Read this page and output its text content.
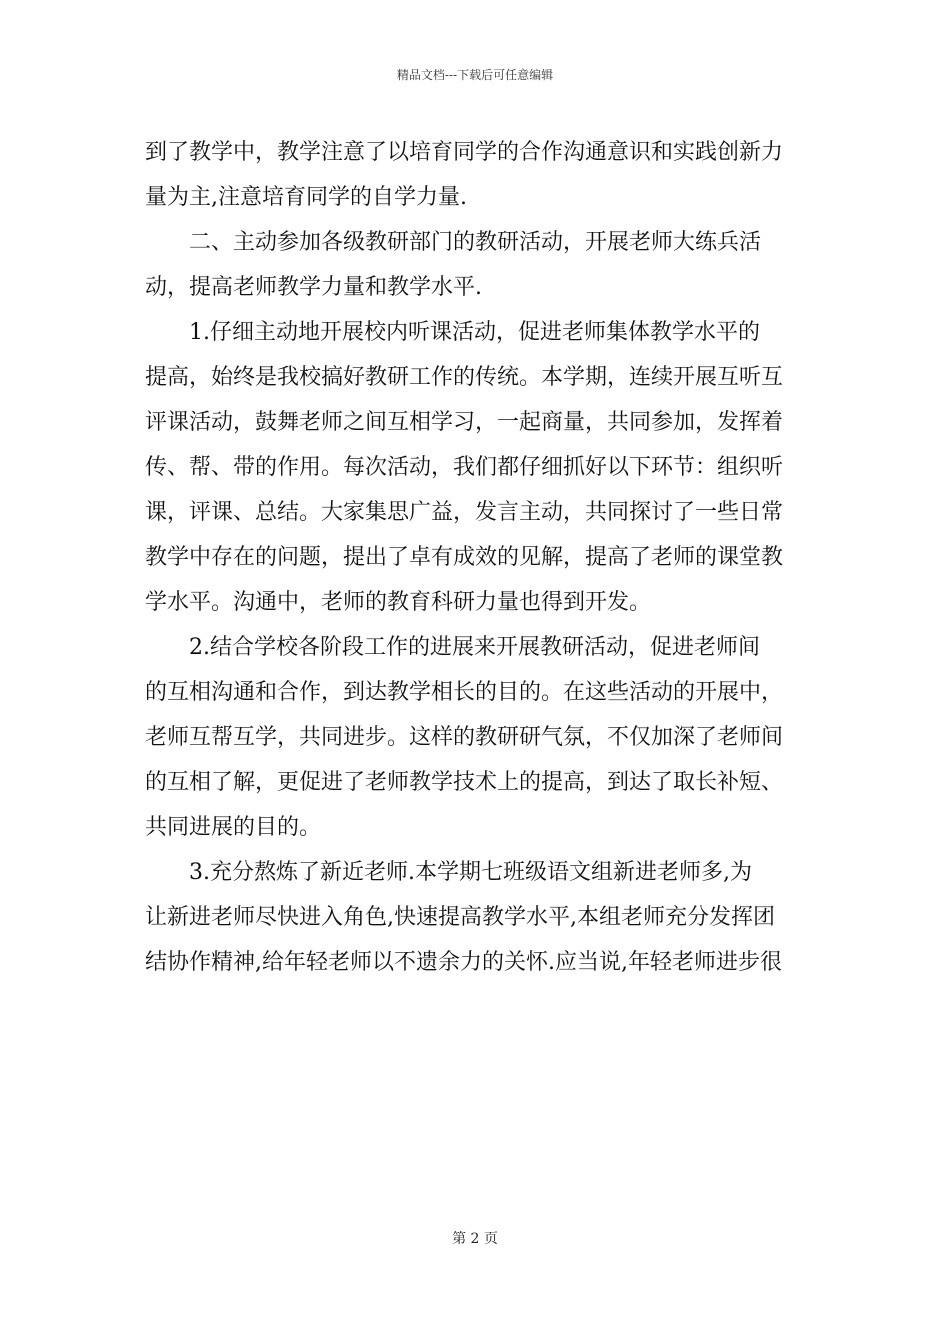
精品文档---下载后可任意编辑

到了教学中，教学注意了以培育同学的合作沟通意识和实践创新力
量为主,注意培育同学的自学力量.

二、主动参加各级教研部门的教研活动，开展老师大练兵活
动，提高老师教学力量和教学水平.

1.仔细主动地开展校内听课活动，促进老师集体教学水平的
提高，始终是我校搞好教研工作的传统。本学期，连续开展互听互
评课活动，鼓舞老师之间互相学习，一起商量，共同参加，发挥着
传、帮、带的作用。每次活动，我们都仔细抓好以下环节：组织听
课，评课、总结。大家集思广益，发言主动，共同探讨了一些日常
教学中存在的问题，提出了卓有成效的见解，提高了老师的课堂教
学水平。沟通中，老师的教育科研力量也得到开发。

2.结合学校各阶段工作的进展来开展教研活动，促进老师间
的互相沟通和合作，到达教学相长的目的。在这些活动的开展中，
老师互帮互学，共同进步。这样的教研研气氛，不仅加深了老师间
的互相了解，更促进了老师教学技术上的提高，到达了取长补短、
共同进展的目的。

3.充分熬炼了新近老师.本学期七班级语文组新进老师多,为
让新进老师尽快进入角色,快速提高教学水平,本组老师充分发挥团
结协作精神,给年轻老师以不遗余力的关怀.应当说,年轻老师进步很

第 2 页
